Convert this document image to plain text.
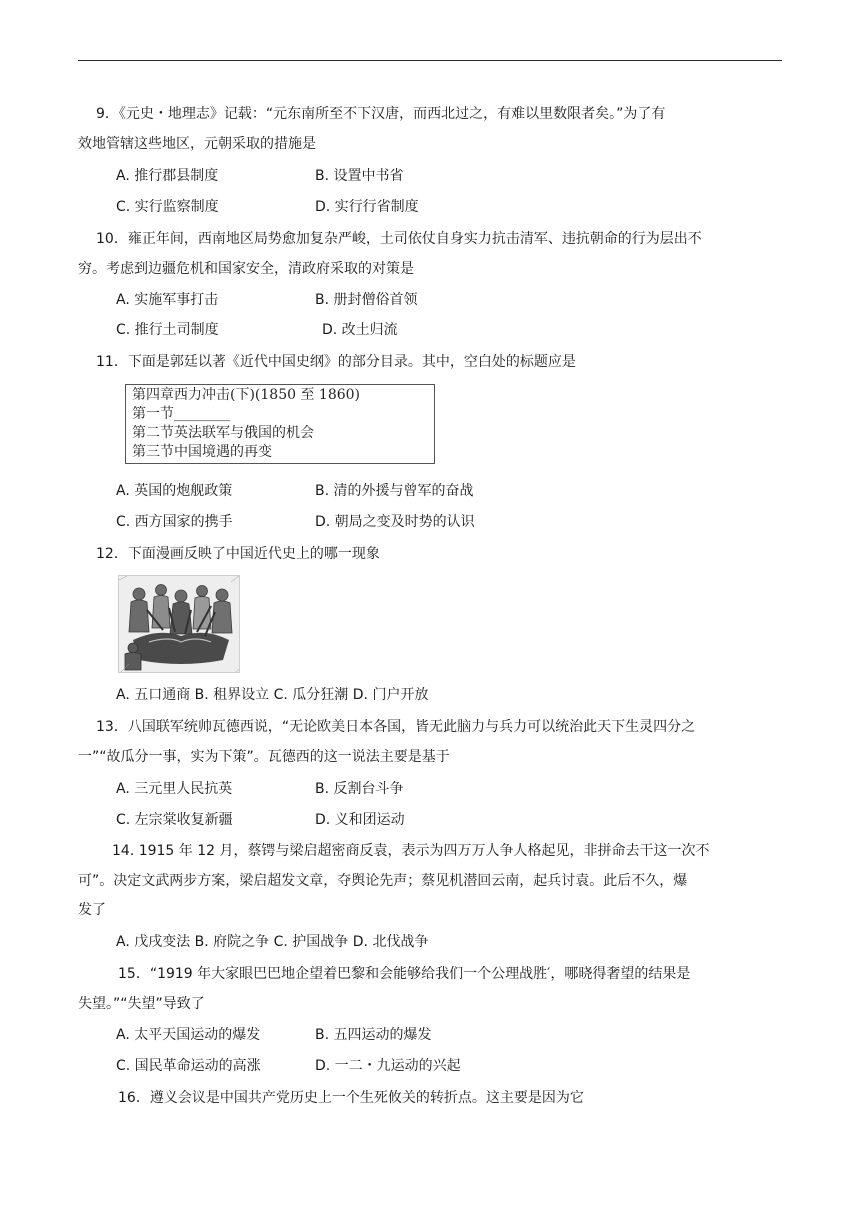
9．《元史・地理志》记载：“元东南所至不下汉唐，而西北过之，有难以里数限者矣。”为了有
效地管辖这些地区，元朝采取的措施是
A. 推行郡县制度	B. 设置中书省
C. 实行监察制度	D. 实行行省制度
10．雍正年间，西南地区局势愈加复杂严峻，土司依仗自身实力抗击清军、违抗朝命的行为层出不
穷。考虑到边疆危机和国家安全，清政府采取的对策是
A. 实施军事打击	B. 册封僧俗首领
C. 推行土司制度	D. 改土归流
11．下面是郭廷以著《近代中国史纲》的部分目录。其中，空白处的标题应是
第四章西力冲击(下)(1850 至 1860)
第一节________
第二节英法联军与俄国的机会
第三节中国境遇的再变
A. 英国的炮舰政策	B. 清的外援与曾军的奋战
C. 西方国家的携手	D. 朝局之变及时势的认识
12．下面漫画反映了中国近代史上的哪一现象
A. 五口通商 B. 租界设立 C. 瓜分狂潮 D. 门户开放
13．八国联军统帅瓦德西说，“无论欧美日本各国，皆无此脑力与兵力可以统治此天下生灵四分之
一”“故瓜分一事，实为下策”。瓦德西的这一说法主要是基于
A. 三元里人民抗英	B. 反割台斗争
C. 左宗棠收复新疆	D. 义和团运动
14. 1915 年 12 月，蔡锷与梁启超密商反袁，表示为四万万人争人格起见，非拼命去干这一次不
可”。决定文武两步方案，梁启超发文章，夺舆论先声；蔡见机潜回云南，起兵讨袁。此后不久，爆
发了
A. 戊戌变法 B. 府院之争 C. 护国战争 D. 北伐战争
15．“1919 年大家眼巴巴地企望着巴黎和会能够给我们一个公理战胜′，哪晓得奢望的结果是
失望。”“失望”导致了
A. 太平天国运动的爆发	B. 五四运动的爆发
C. 国民革命运动的高涨	D. 一二・九运动的兴起
16．遵义会议是中国共产党历史上一个生死攸关的转折点。这主要是因为它
